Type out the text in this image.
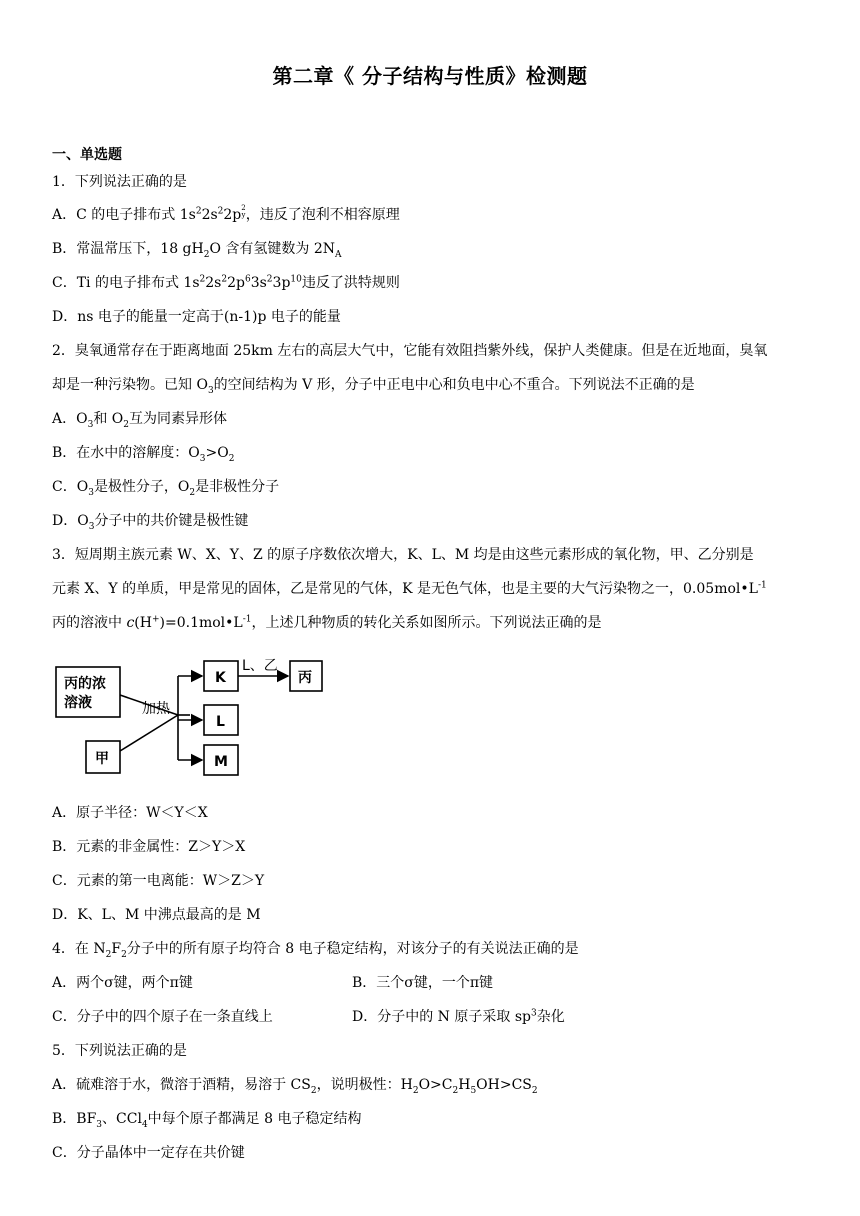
第二章《 分子结构与性质》检测题
一、单选题
1．下列说法正确的是
A．C 的电子排布式 $1s^22s^22p$ 2
y ，违反了泡利不相容原理
B．常温常压下，18 $gH_2O$ 含有氢键数为 $2N_A$
C．Ti 的电子排布式 $1s^22s^22p^63s^23p^{10}$违反了洪特规则
D．ns 电子的能量一定高于(n-1)p 电子的能量
2．臭氧通常存在于距离地面 25km 左右的高层大气中，它能有效阻挡紫外线，保护人类健康。但是在近地面，臭氧
却是一种污染物。已知 $O_3$的空间结构为 V 形，分子中正电中心和负电中心不重合。下列说法不正确的是
A．$O_3$和 $O_2$互为同素异形体
B．在水中的溶解度：$O_3>O_2$
C．$O_3$是极性分子，$O_2$是非极性分子
D．$O_3$分子中的共价键是极性键
3．短周期主族元素 W、X、Y、Z 的原子序数依次增大，K、L、M 均是由这些元素形成的氧化物，甲、乙分别是
元素 X、Y 的单质，甲是常见的固体，乙是常见的气体，K 是无色气体，也是主要的大气污染物之一，$0.05mol•L^{-1}$
丙的溶液中 $c(H^+)=0.1mol•L^{-1}$，上述几种物质的转化关系如图所示。下列说法正确的是
丙的浓
溶液
甲
加热
K
L
M
L、乙
丙
A．原子半径：W＜Y＜X
B．元素的非金属性：Z＞Y＞X
C．元素的第一电离能：W＞Z＞Y
D．K、L、M 中沸点最高的是 M
4．在 $N_2F_2$分子中的所有原子均符合 8 电子稳定结构，对该分子的有关说法正确的是
A．两个σ键，两个π键	B．三个σ键，一个π键
C．分子中的四个原子在一条直线上	D．分子中的 N 原子采取 $sp^3$杂化
5．下列说法正确的是
A．硫难溶于水，微溶于酒精，易溶于 $CS_2$，说明极性：$H_2O>C_2H_5OH>CS_2$
B．$BF_3$、CCl$_4$中每个原子都满足 8 电子稳定结构
C．分子晶体中一定存在共价键
